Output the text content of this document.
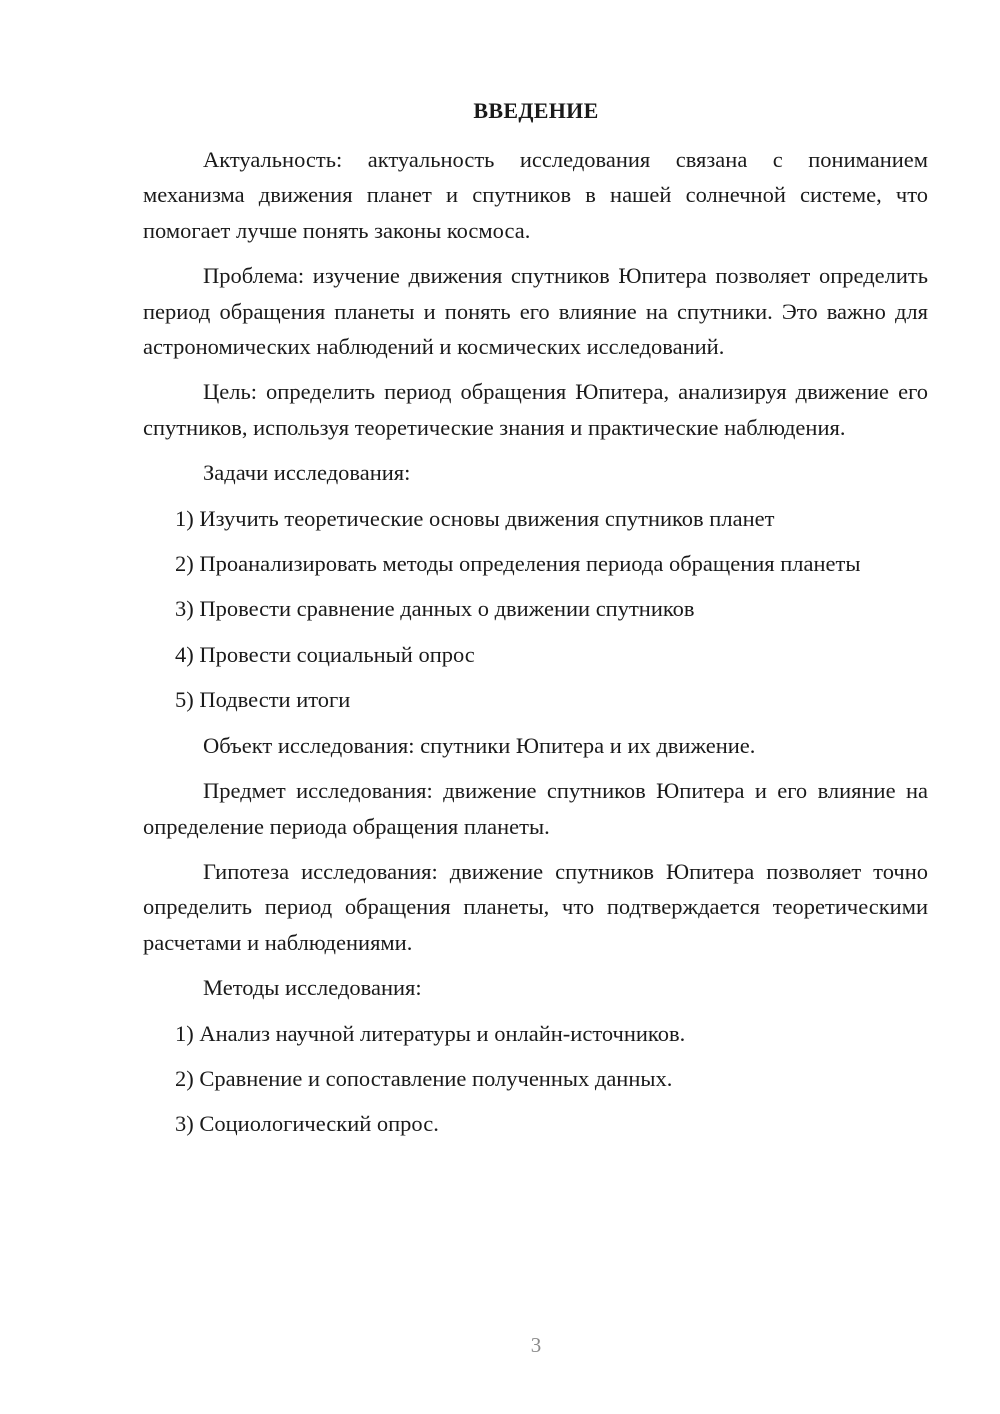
ВВЕДЕНИЕ

Актуальность: актуальность исследования связана с пониманием механизма движения планет и спутников в нашей солнечной системе, что помогает лучше понять законы космоса.

Проблема: изучение движения спутников Юпитера позволяет определить период обращения планеты и понять его влияние на спутники. Это важно для астрономических наблюдений и космических исследований.

Цель: определить период обращения Юпитера, анализируя движение его спутников, используя теоретические знания и практические наблюдения.

Задачи исследования:

1) Изучить теоретические основы движения спутников планет

2) Проанализировать методы определения периода обращения планеты

3) Провести сравнение данных о движении спутников

4) Провести социальный опрос

5) Подвести итоги

Объект исследования: спутники Юпитера и их движение.

Предмет исследования: движение спутников Юпитера и его влияние на определение периода обращения планеты.

Гипотеза исследования: движение спутников Юпитера позволяет точно определить период обращения планеты, что подтверждается теоретическими расчетами и наблюдениями.

Методы исследования:

1) Анализ научной литературы и онлайн-источников.

2) Сравнение и сопоставление полученных данных.

3) Социологический опрос.

3
